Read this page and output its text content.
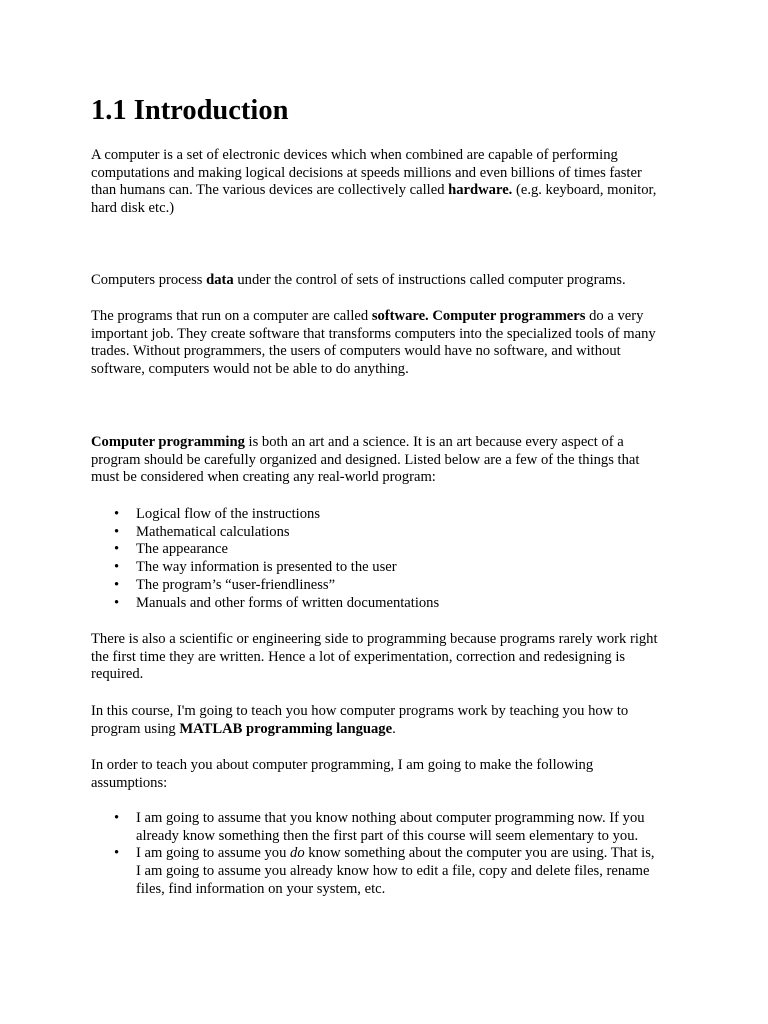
1.1 Introduction

A computer is a set of electronic devices which when combined are capable of performing
computations and making logical decisions at speeds millions and even billions of times faster
than humans can. The various devices are collectively called hardware. (e.g. keyboard, monitor,
hard disk etc.)

Computers process data under the control of sets of instructions called computer programs.

The programs that run on a computer are called software. Computer programmers do a very
important job. They create software that transforms computers into the specialized tools of many
trades. Without programmers, the users of computers would have no software, and without
software, computers would not be able to do anything.

Computer programming is both an art and a science. It is an art because every aspect of a
program should be carefully organized and designed. Listed below are a few of the things that
must be considered when creating any real-world program:

• Logical flow of the instructions
• Mathematical calculations
• The appearance
• The way information is presented to the user
• The program’s “user-friendliness”
• Manuals and other forms of written documentations

There is also a scientific or engineering side to programming because programs rarely work right
the first time they are written. Hence a lot of experimentation, correction and redesigning is
required.

In this course, I'm going to teach you how computer programs work by teaching you how to
program using MATLAB programming language.

In order to teach you about computer programming, I am going to make the following
assumptions:

• I am going to assume that you know nothing about computer programming now. If you
already know something then the first part of this course will seem elementary to you.
• I am going to assume you do know something about the computer you are using. That is,
I am going to assume you already know how to edit a file, copy and delete files, rename
files, find information on your system, etc.
